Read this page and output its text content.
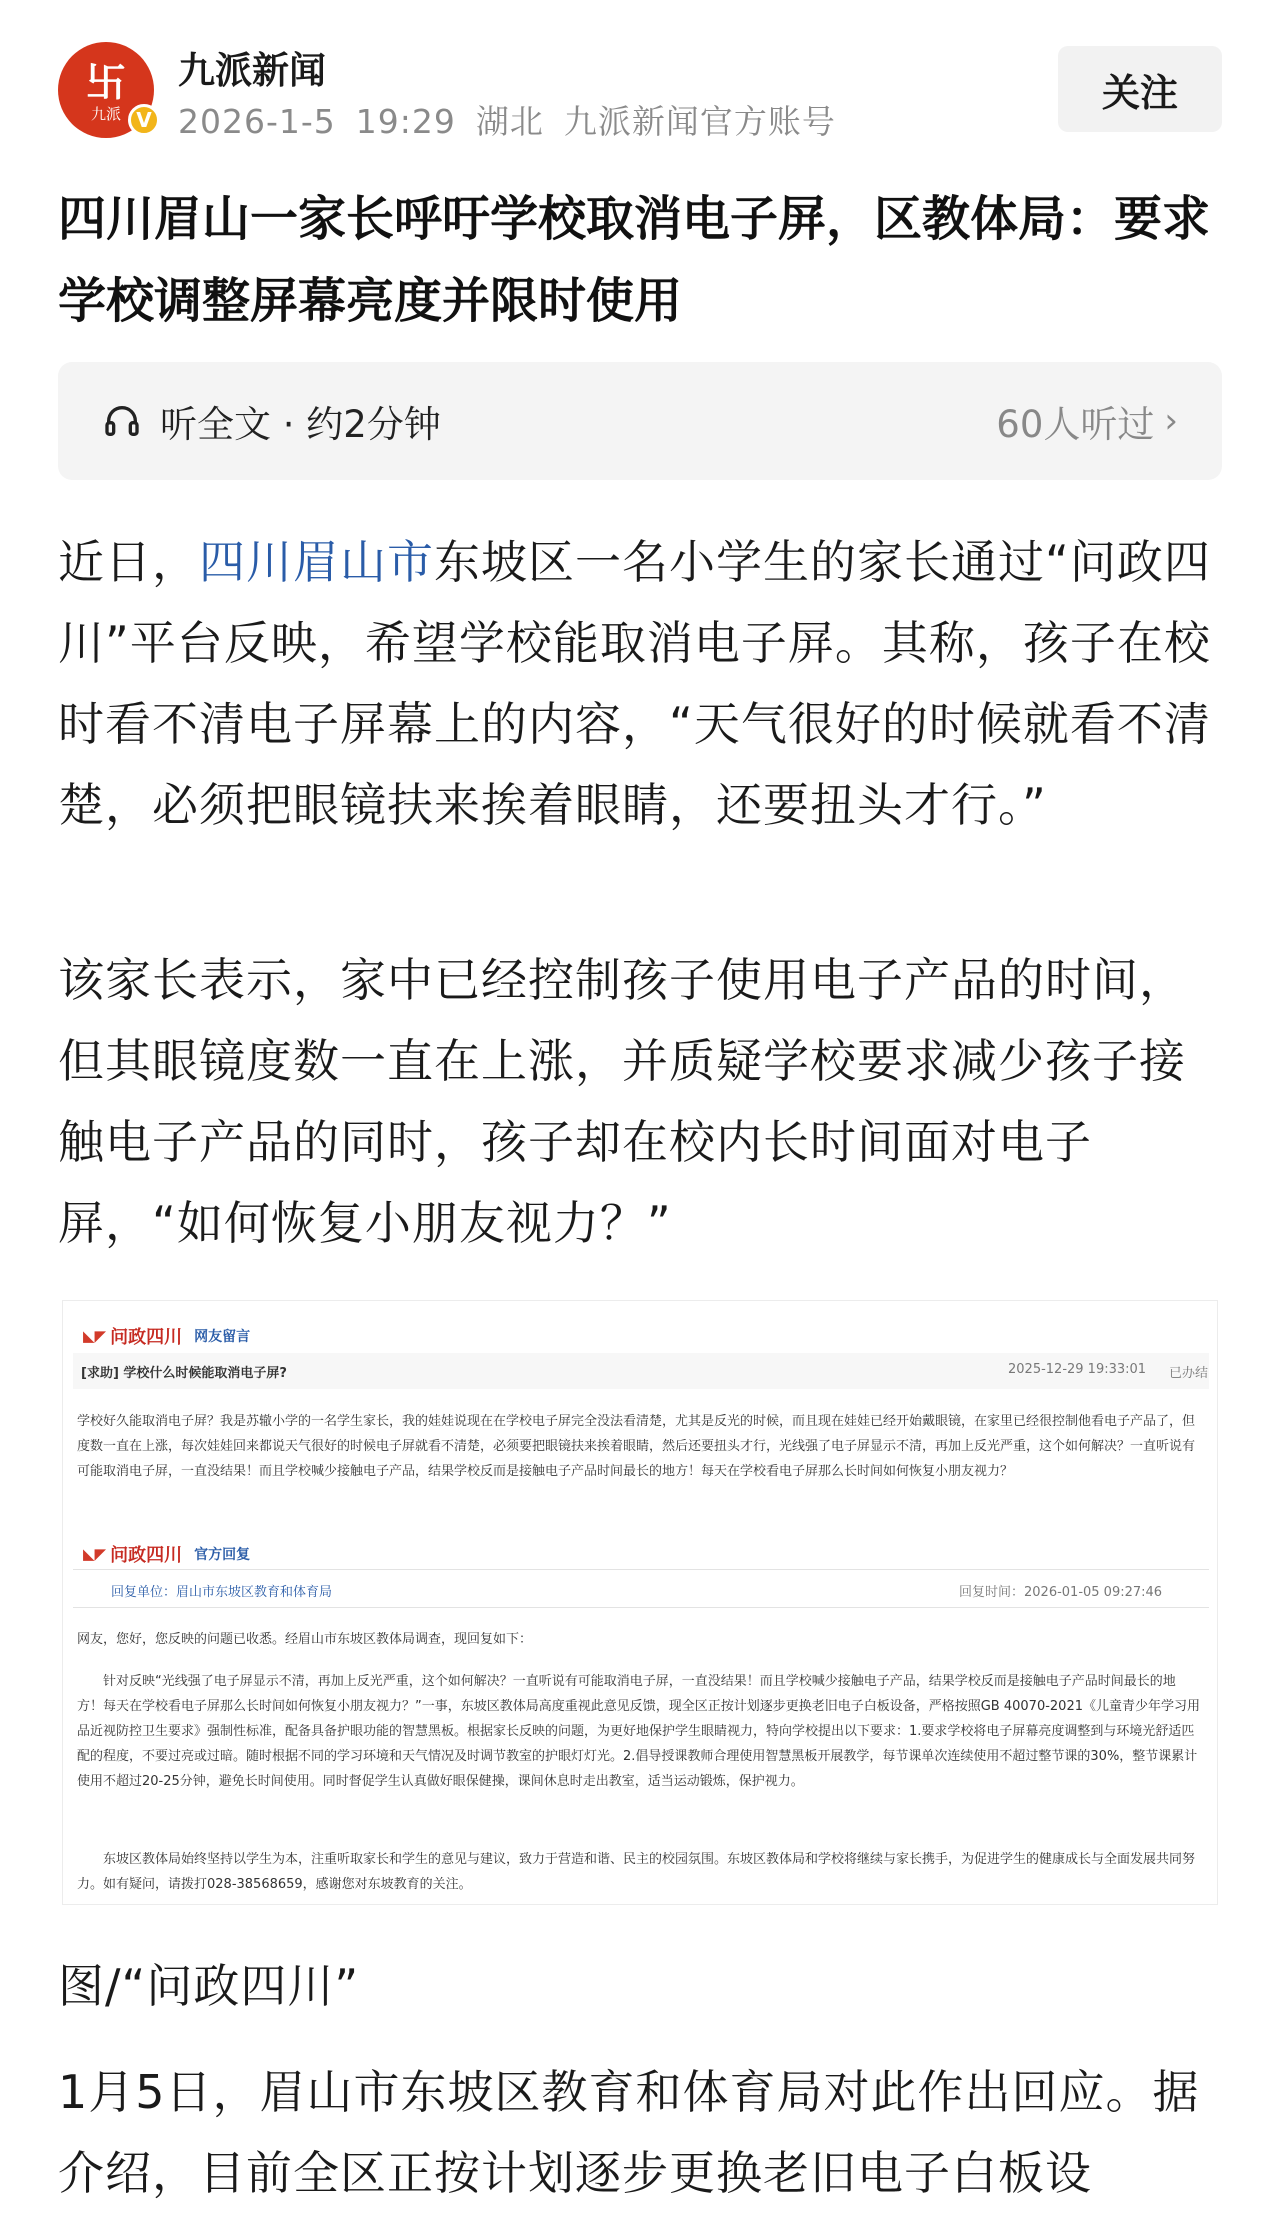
卐
九派 V
九派新闻
2026-1-5 19:29 湖北 九派新闻官方账号
关注
四川眉山一家长呼吁学校取消电子屏，区教体局：要求学校调整屏幕亮度并限时使用
听全文 · 约2分钟	60人听过 ›

近日，四川眉山市东坡区一名小学生的家长通过“问政四川”平台反映，希望学校能取消电子屏。其称，孩子在校时看不清电子屏幕上的内容，“天气很好的时候就看不清楚，必须把眼镜扶来挨着眼睛，还要扭头才行。”

该家长表示，家中已经控制孩子使用电子产品的时间，但其眼镜度数一直在上涨，并质疑学校要求减少孩子接触电子产品的同时，孩子却在校内长时间面对电子屏，“如何恢复小朋友视力？”

◣◤ 问政四川 网友留言
[求助] 学校什么时候能取消电子屏?	2025-12-29 19:33:01 已办结

学校好久能取消电子屏？我是苏辙小学的一名学生家长，我的娃娃说现在在学校电子屏完全没法看清楚，尤其是反光的时候，而且现在娃娃已经开始戴眼镜，在家里已经很控制他看电子产品了，但度数一直在上涨，每次娃娃回来都说天气很好的时候电子屏就看不清楚，必须要把眼镜扶来挨着眼睛，然后还要扭头才行，光线强了电子屏显示不清，再加上反光严重，这个如何解决？一直听说有可能取消电子屏，一直没结果！而且学校喊少接触电子产品，结果学校反而是接触电子产品时间最长的地方！每天在学校看电子屏那么长时间如何恢复小朋友视力？

◣◤ 问政四川 官方回复
回复单位：眉山市东坡区教育和体育局	回复时间：2026-01-05 09:27:46

网友，您好，您反映的问题已收悉。经眉山市东坡区教体局调查，现回复如下：

针对反映“光线强了电子屏显示不清，再加上反光严重，这个如何解决？一直听说有可能取消电子屏，一直没结果！而且学校喊少接触电子产品，结果学校反而是接触电子产品时间最长的地方！每天在学校看电子屏那么长时间如何恢复小朋友视力？”一事，东坡区教体局高度重视此意见反馈，现全区正按计划逐步更换老旧电子白板设备，严格按照GB 40070-2021《儿童青少年学习用品近视防控卫生要求》强制性标准，配备具备护眼功能的智慧黑板。根据家长反映的问题，为更好地保护学生眼睛视力，特向学校提出以下要求：1.要求学校将电子屏幕亮度调整到与环境光舒适匹配的程度，不要过亮或过暗。随时根据不同的学习环境和天气情况及时调节教室的护眼灯灯光。2.倡导授课教师合理使用智慧黑板开展教学，每节课单次连续使用不超过整节课的30%，整节课累计使用不超过20-25分钟，避免长时间使用。同时督促学生认真做好眼保健操，课间休息时走出教室，适当运动锻炼，保护视力。

东坡区教体局始终坚持以学生为本，注重听取家长和学生的意见与建议，致力于营造和谐、民主的校园氛围。东坡区教体局和学校将继续与家长携手，为促进学生的健康成长与全面发展共同努力。如有疑问，请拨打028-38568659，感谢您对东坡教育的关注。

图/“问政四川”

1月5日，眉山市东坡区教育和体育局对此作出回应。据介绍，目前全区正按计划逐步更换老旧电子白板设
